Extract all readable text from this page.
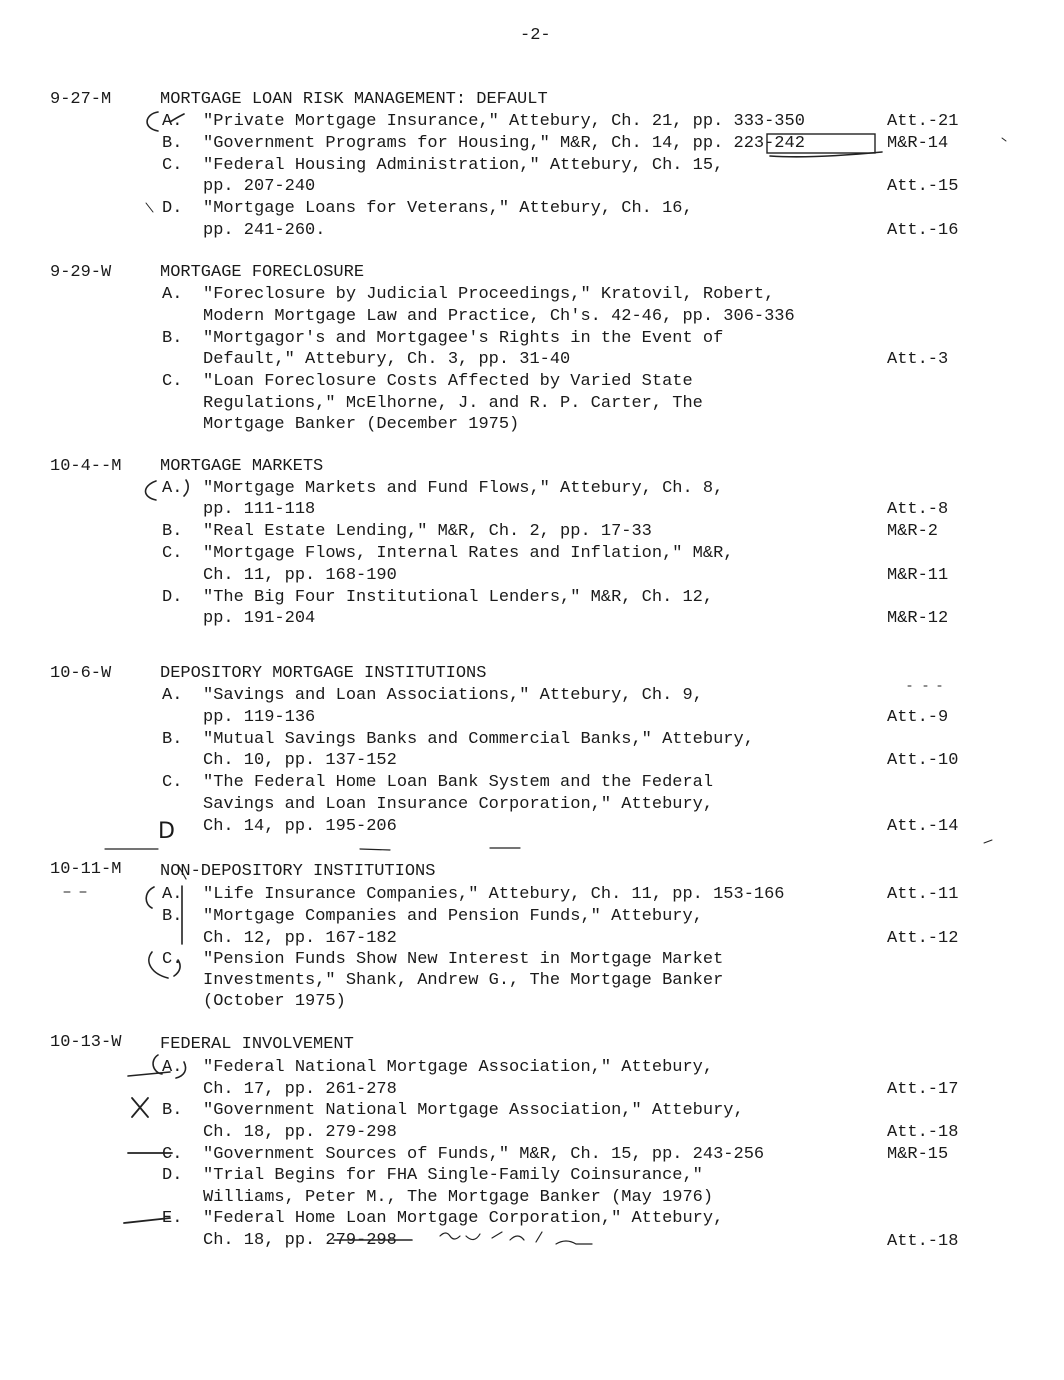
-2-
9-27-M	MORTGAGE LOAN RISK MANAGEMENT: DEFAULT
A. "Private Mortgage Insurance," Attebury, Ch. 21, pp. 333-350	Att.-21
B. "Government Programs for Housing," M&R, Ch. 14, pp. 223-242	M&R-14
C. "Federal Housing Administration," Attebury, Ch. 15,
pp. 207-240	Att.-15
D. "Mortgage Loans for Veterans," Attebury, Ch. 16,
pp. 241-260.	Att.-16
9-29-W	MORTGAGE FORECLOSURE
A. "Foreclosure by Judicial Proceedings," Kratovil, Robert,
Modern Mortgage Law and Practice, Ch's. 42-46, pp. 306-336
B. "Mortgagor's and Mortgagee's Rights in the Event of
Default," Attebury, Ch. 3, pp. 31-40	Att.-3
C. "Loan Foreclosure Costs Affected by Varied State
Regulations," McElhorne, J. and R. P. Carter, The
Mortgage Banker (December 1975)
10-4--M MORTGAGE MARKETS
A. "Mortgage Markets and Fund Flows," Attebury, Ch. 8,
pp. 111-118	Att.-8
B. "Real Estate Lending," M&R, Ch. 2, pp. 17-33	M&R-2
C. "Mortgage Flows, Internal Rates and Inflation," M&R,
Ch. 11, pp. 168-190	M&R-11
D. "The Big Four Institutional Lenders," M&R, Ch. 12,
pp. 191-204	M&R-12
10-6-W	DEPOSITORY MORTGAGE INSTITUTIONS
A. "Savings and Loan Associations," Attebury, Ch. 9,
pp. 119-136	Att.-9
B. "Mutual Savings Banks and Commercial Banks," Attebury,
Ch. 10, pp. 137-152	Att.-10
C. "The Federal Home Loan Bank System and the Federal
Savings and Loan Insurance Corporation," Attebury,
Ch. 14, pp. 195-206	Att.-14
D
10-11-M NON-DEPOSITORY INSTITUTIONS
A. "Life Insurance Companies," Attebury, Ch. 11, pp. 153-166	Att.-11
B. "Mortgage Companies and Pension Funds," Attebury,
Ch. 12, pp. 167-182	Att.-12
C. "Pension Funds Show New Interest in Mortgage Market
Investments," Shank, Andrew G., The Mortgage Banker
(October 1975)
10-13-W FEDERAL INVOLVEMENT
A. "Federal National Mortgage Association," Attebury,
Ch. 17, pp. 261-278	Att.-17
B. "Government National Mortgage Association," Attebury,
Ch. 18, pp. 279-298	Att.-18
C. "Government Sources of Funds," M&R, Ch. 15, pp. 243-256	M&R-15
D. "Trial Begins for FHA Single-Family Coinsurance,"
Williams, Peter M., The Mortgage Banker (May 1976)
E. "Federal Home Loan Mortgage Corporation," Attebury,
Ch. 18, pp. 279-298	Att.-18
